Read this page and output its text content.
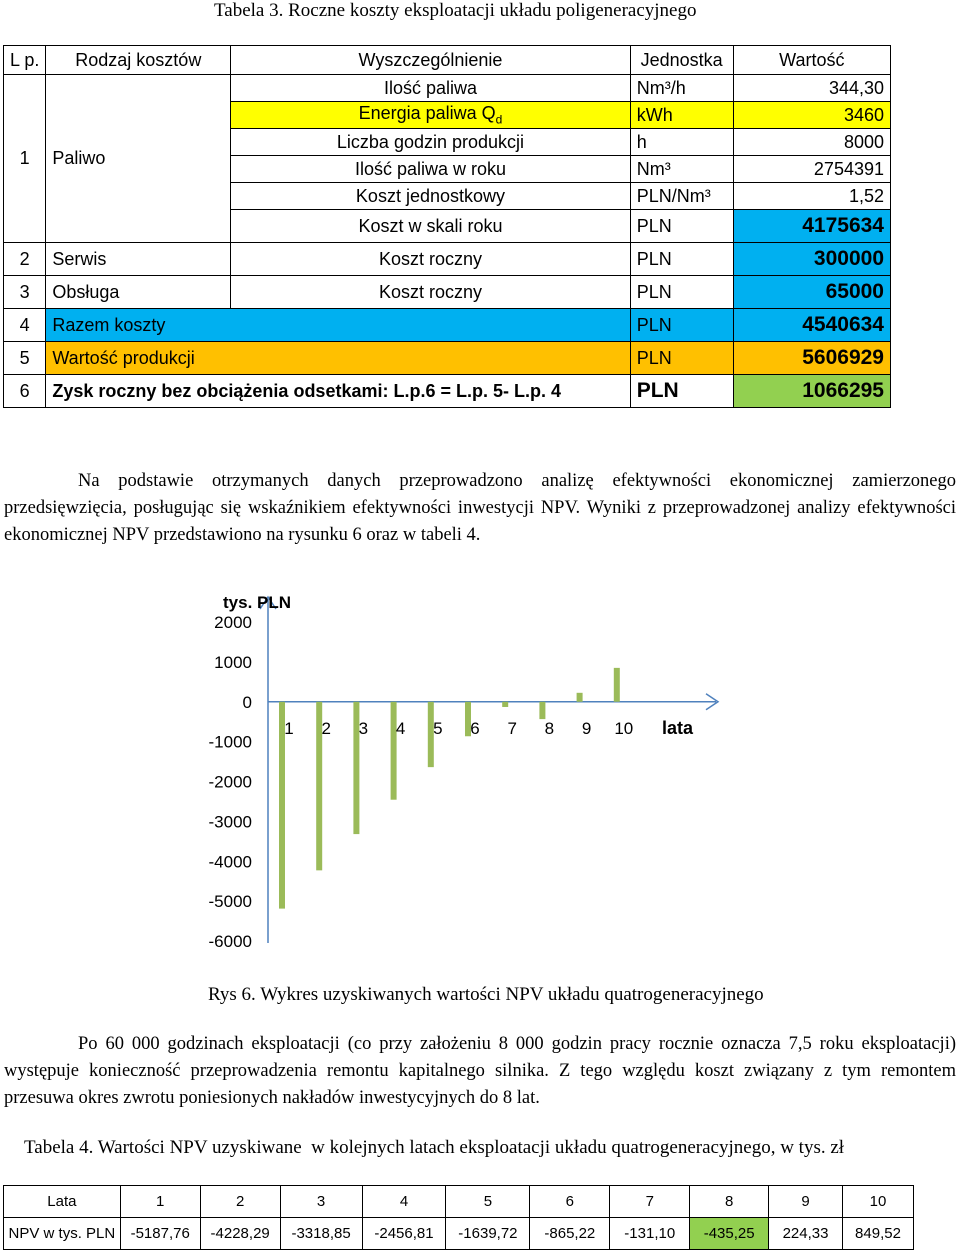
Tabela 3. Roczne koszty eksploatacji układu poligeneracyjnego
L p.	Rodzaj kosztów	Wyszczególnienie	Jednostka	Wartość
1	Paliwo	Ilość paliwa	Nm³/h	344,30
		Energia paliwa $Q_d$	kWh	3460
		Liczba godzin produkcji	h	8000
		Ilość paliwa w roku	Nm³	2754391
		Koszt jednostkowy	PLN/Nm³	1,52
		Koszt w skali roku	PLN	4175634
2	Serwis	Koszt roczny	PLN	300000
3	Obsługa	Koszt roczny	PLN	65000
4	Razem koszty		PLN	4540634
5	Wartość produkcji		PLN	5606929
6	Zysk roczny bez obciążenia odsetkami: L.p.6 = L.p. 5- L.p. 4		PLN	1066295
Na podstawie otrzymanych danych przeprowadzono analizę efektywności ekonomicznej zamierzonego przedsięwzięcia, posługując się wskaźnikiem efektywności inwestycji NPV. Wyniki z przeprowadzonej analizy efektywności ekonomicznej NPV przedstawiono na rysunku 6 oraz w tabeli 4.
2000
1000
0
-1000
-2000
-3000
-4000
-5000
-6000
1 2 3 4 5 6 7 8 9 10
tys. PLN
lata
Rys 6. Wykres uzyskiwanych wartości NPV układu quatrogeneracyjnego
Po 60 000 godzinach eksploatacji (co przy założeniu 8 000 godzin pracy rocznie oznacza 7,5 roku eksploatacji) występuje konieczność przeprowadzenia remontu kapitalnego silnika. Z tego względu koszt związany z tym remontem przesuwa okres zwrotu poniesionych nakładów inwestycyjnych do 8 lat.
Tabela 4. Wartości NPV uzyskiwane  w kolejnych latach eksploatacji układu quatrogeneracyjnego, w tys. zł
Lata	1	2	3	4	5	6	7	8	9	10
NPV w tys. PLN	-5187,76	-4228,29	-3318,85	-2456,81	-1639,72	-865,22	-131,10	-435,25	224,33	849,52
